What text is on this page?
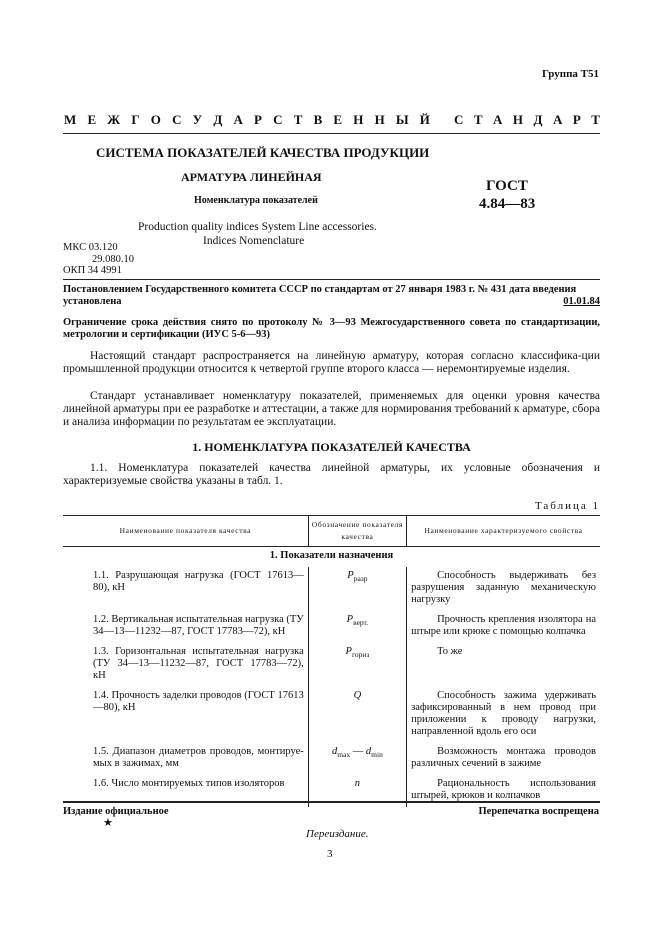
Группа Т51
М Е Ж Г О С У Д А Р С Т В Е Н Н Ы Й С Т А Н Д А Р Т
СИСТЕМА ПОКАЗАТЕЛЕЙ КАЧЕСТВА ПРОДУКЦИИ
АРМАТУРА ЛИНЕЙНАЯ
Номенклатура показателей
ГОСТ
4.84—83
Production quality indices System Line accessories.
Indices Nomenclature
МКС 03.120
29.080.10
ОКП 34 4991
Постановлением Государственного комитета СССР по стандартам от 27 января 1983 г. № 431 дата введения
установлена	01.01.84
Ограничение срока действия снято по протоколу № 3—93 Межгосударственного совета по стандартизации, метрологии и сертификации (ИУС 5-6—93)

Настоящий стандарт распространяется на линейную арматуру, которая согласно классифика-ции промышленной продукции относится к четвертой группе второго класса — неремонтируемые изделия.

Стандарт устанавливает номенклатуру показателей, применяемых для оценки уровня качества линейной арматуры при ее разработке и аттестации, а также для нормирования требований к арматуре, сбора и анализа информации по результатам ее эксплуатации.

1. НОМЕНКЛАТУРА ПОКАЗАТЕЛЕЙ КАЧЕСТВА

1.1. Номенклатура показателей качества линейной арматуры, их условные обозначения и характеризуемые свойства указаны в табл. 1.

Таблица 1
Наименование показателя качества	Обозначение показателя качества	Наименование характеризуемого свойства
1. Показатели назначения		

1.1. Разрушающая нагрузка (ГОСТ 17613—80), кН	$P_{разр}$	Способность выдерживать без разрушения заданную механическую нагрузку

1.2. Вертикальная испытательная нагрузка (ТУ 34—13—11232—87, ГОСТ 17783—72), кН	$P_{верт.}$	Прочность крепления изолятора на штыре или крюке с помощью колпачка

1.3. Горизонтальная испытательная нагрузка (ТУ 34—13—11232—87, ГОСТ 17783—72), кН	$P_{гориз}$	То же

1.4. Прочность заделки проводов (ГОСТ 17613—80), кН	Q	Способность зажима удерживать зафиксированный в нем провод при приложении к проводу нагрузки, направленной вдоль его оси

1.5. Диапазон диаметров проводов, монтируе-мых в зажимах, мм	$d_{max}$ — $d_{min}$	Возможность монтажа проводов различных сечений в зажиме

1.6. Число монтируемых типов изоляторов	n	Рациональность использования штырей, крюков и колпачков
Издание официальное	Перепечатка воспрещена
★
Переиздание.
3
